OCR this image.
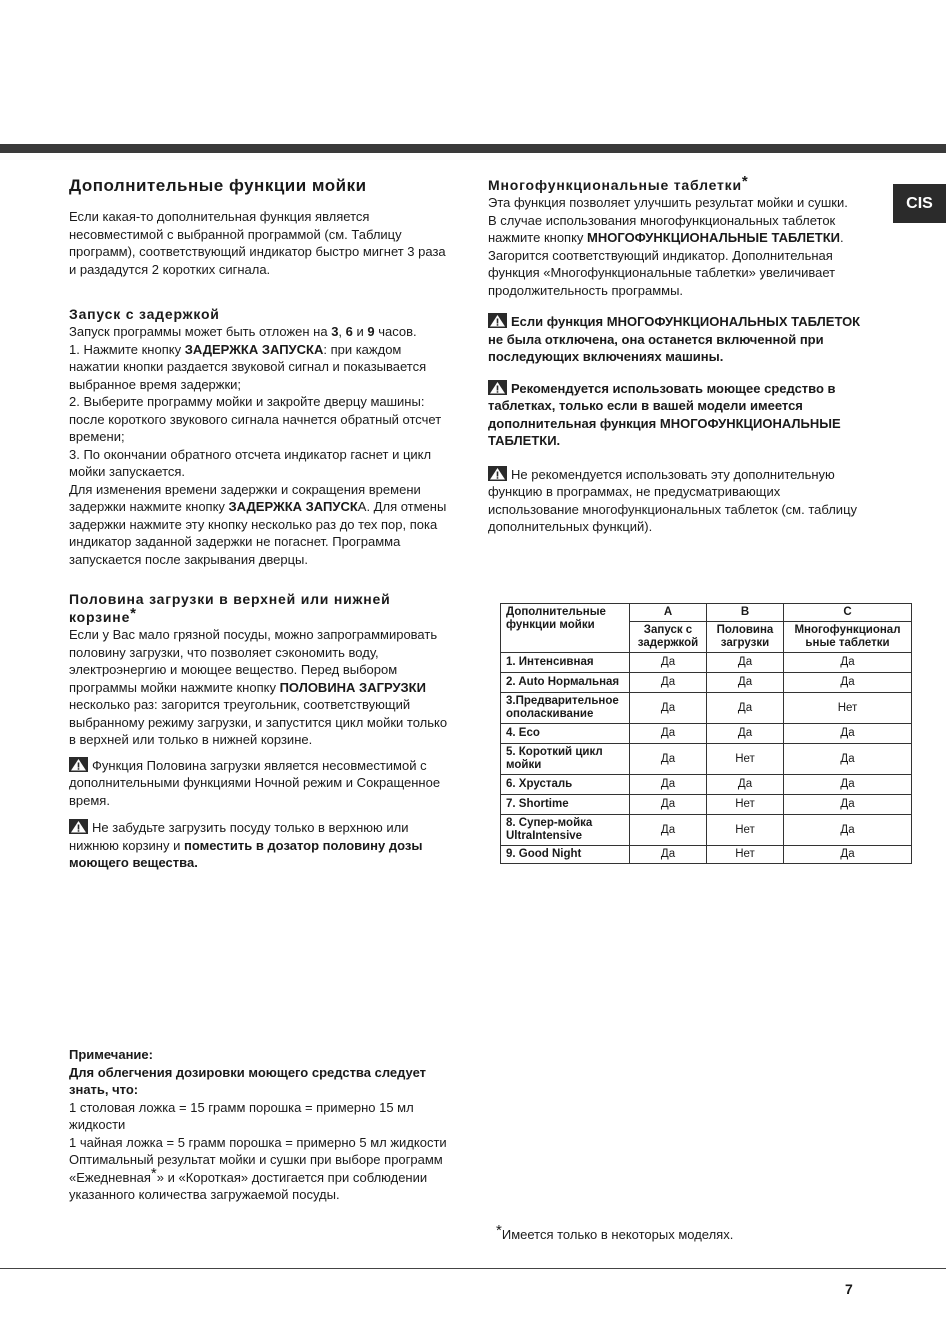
CIS
Дополнительные функции мойки

Если какая-то дополнительная функция является несовместимой с выбранной программой (см. Таблицу программ), соответствующий индикатор быстро мигнет 3 раза и раздадутся 2 коротких сигнала.

Запуск с задержкой

Запуск программы может быть отложен на 3, 6 и 9 часов.

1. Нажмите кнопку ЗАДЕРЖКА ЗАПУСКА: при каждом нажатии кнопки раздается звуковой сигнал и показывается выбранное время задержки;

2. Выберите программу мойки и закройте дверцу машины: после короткого звукового сигнала начнется обратный отсчет времени;

3. По окончании обратного отсчета индикатор гаснет и цикл мойки запускается.

Для изменения времени задержки и сокращения времени задержки нажмите кнопку ЗАДЕРЖКА ЗАПУСКА. Для отмены задержки нажмите эту кнопку несколько раз до тех пор, пока индикатор заданной задержки не погаснет. Программа запускается после закрывания дверцы.

Половина загрузки в верхней или нижней корзине*

Если у Вас мало грязной посуды, можно запрограммировать половину загрузки, что позволяет сэкономить воду, электроэнергию и моющее вещество. Перед выбором программы мойки нажмите кнопку ПОЛОВИНА ЗАГРУЗКИ несколько раз: загорится треугольник, соответствующий выбранному режиму загрузки, и запустится цикл мойки только в верхней или только в нижней корзине.

Функция Половина загрузки является несовместимой с дополнительными функциями Ночной режим и Сокращенное время.

Не забудьте загрузить посуду только в верхнюю или нижнюю корзину и поместить в дозатор половину дозы моющего вещества.

Многофункциональные таблетки*

Эта функция позволяет улучшить результат мойки и сушки.

В случае использования многофункциональных таблеток нажмите кнопку МНОГОФУНКЦИОНАЛЬНЫЕ ТАБЛЕТКИ.

Загорится соответствующий индикатор. Дополнительная функция «Многофункциональные таблетки» увеличивает продолжительность программы.

Если функция МНОГОФУНКЦИОНАЛЬНЫХ ТАБЛЕТОК не была отключена, она останется включенной при последующих включениях машины.

Рекомендуется использовать моющее средство в таблетках, только если в вашей модели имеется дополнительная функция МНОГОФУНКЦИОНАЛЬНЫЕ ТАБЛЕТКИ.

Не рекомендуется использовать эту дополнительную функцию в программах, не предусматривающих использование многофункциональных таблеток (см. таблицу дополнительных функций).

Дополнительные функции мойки	A	B	C
	Запуск с задержкой	Половина загрузки	Многофункционал ьные таблетки
1. Интенсивная	Да	Да	Да
2. Auto Нормальная	Да	Да	Да
3.Предварительное ополаскивание	Да	Да	Нет
4. Eco	Да	Да	Да
5. Короткий цикл мойки	Да	Нет	Да
6. Хрусталь	Да	Да	Да
7. Shortime	Да	Нет	Да
8. Супер-мойка UltraIntensive	Да	Нет	Да
9. Good Night	Да	Нет	Да

Примечание:

Для облегчения дозировки моющего средства следует знать, что:

1 столовая ложка = 15 грамм порошка = примерно 15 мл жидкости

1 чайная ложка = 5 грамм порошка = примерно 5 мл жидкости

Оптимальный результат мойки и сушки при выборе программ «Ежедневная*» и «Короткая» достигается при соблюдении указанного количества загружаемой посуды.

*Имеется только в некоторых моделях.
7
